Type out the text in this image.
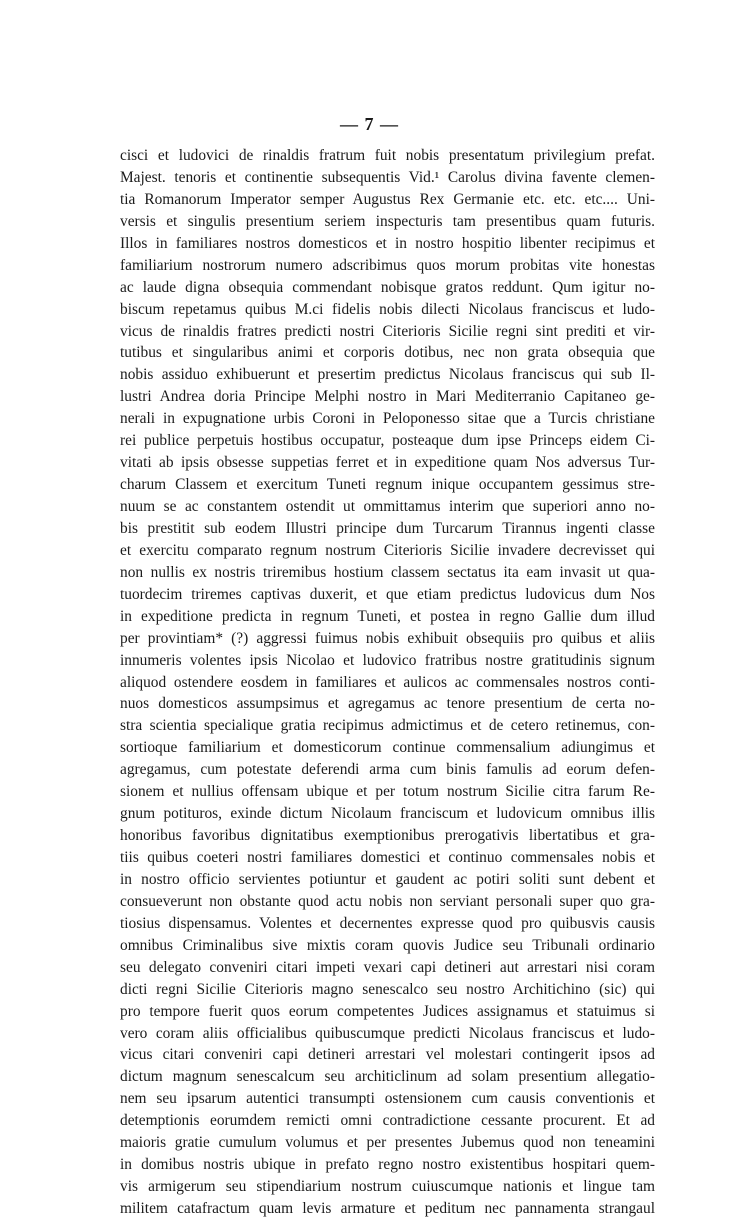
— 7 —
cisci et ludovici de rinaldis fratrum fuit nobis presentatum privilegium prefat.
Majest. tenoris et continentie subsequentis Vid.¹ Carolus divina favente clemen-
tia Romanorum Imperator semper Augustus Rex Germanie etc. etc. etc.... Uni-
versis et singulis presentium seriem inspecturis tam presentibus quam futuris.
Illos in familiares nostros domesticos et in nostro hospitio libenter recipimus et
familiarium nostrorum numero adscribimus quos morum probitas vite honestas
ac laude digna obsequia commendant nobisque gratos reddunt. Qum igitur no-
biscum repetamus quibus M.ci fidelis nobis dilecti Nicolaus franciscus et ludo-
vicus de rinaldis fratres predicti nostri Citerioris Sicilie regni sint prediti et vir-
tutibus et singularibus animi et corporis dotibus, nec non grata obsequia que
nobis assiduo exhibuerunt et presertim predictus Nicolaus franciscus qui sub Il-
lustri Andrea doria Principe Melphi nostro in Mari Mediterranio Capitaneo ge-
nerali in expugnatione urbis Coroni in Peloponesso sitae que a Turcis christiane
rei publice perpetuis hostibus occupatur, posteaque dum ipse Princeps eidem Ci-
vitati ab ipsis obsesse suppetias ferret et in expeditione quam Nos adversus Tur-
charum Classem et exercitum Tuneti regnum inique occupantem gessimus stre-
nuum se ac constantem ostendit ut ommittamus interim que superiori anno no-
bis prestitit sub eodem Illustri principe dum Turcarum Tirannus ingenti classe
et exercitu comparato regnum nostrum Citerioris Sicilie invadere decrevisset qui
non nullis ex nostris triremibus hostium classem sectatus ita eam invasit ut qua-
tuordecim triremes captivas duxerit, et que etiam predictus ludovicus dum Nos
in expeditione predicta in regnum Tuneti, et postea in regno Gallie dum illud
per provintiam* (?) aggressi fuimus nobis exhibuit obsequiis pro quibus et aliis
innumeris volentes ipsis Nicolao et ludovico fratribus nostre gratitudinis signum
aliquod ostendere eosdem in familiares et aulicos ac commensales nostros conti-
nuos domesticos assumpsimus et agregamus ac tenore presentium de certa no-
stra scientia specialique gratia recipimus admictimus et de cetero retinemus, con-
sortioque familiarium et domesticorum continue commensalium adiungimus et
agregamus, cum potestate deferendi arma cum binis famulis ad eorum defen-
sionem et nullius offensam ubique et per totum nostrum Sicilie citra farum Re-
gnum potituros, exinde dictum Nicolaum franciscum et ludovicum omnibus illis
honoribus favoribus dignitatibus exemptionibus prerogativis libertatibus et gra-
tiis quibus coeteri nostri familiares domestici et continuo commensales nobis et
in nostro officio servientes potiuntur et gaudent ac potiri soliti sunt debent et
consueverunt non obstante quod actu nobis non serviant personali super quo gra-
tiosius dispensamus. Volentes et decernentes expresse quod pro quibusvis causis
omnibus Criminalibus sive mixtis coram quovis Judice seu Tribunali ordinario
seu delegato conveniri citari impeti vexari capi detineri aut arrestari nisi coram
dicti regni Sicilie Citerioris magno senescalco seu nostro Architichino (sic) qui
pro tempore fuerit quos eorum competentes Judices assignamus et statuimus si
vero coram aliis officialibus quibuscumque predicti Nicolaus franciscus et ludo-
vicus citari conveniri capi detineri arrestari vel molestari contingerit ipsos ad
dictum magnum senescalcum seu architiclinum ad solam presentium allegatio-
nem seu ipsarum autentici transumpti ostensionem cum causis conventionis et
detemptionis eorumdem remicti omni contradictione cessante procurent. Et ad
maioris gratie cumulum volumus et per presentes Jubemus quod non teneamini
in domibus nostris ubique in prefato regno nostro existentibus hospitari quem-
vis armigerum seu stipendiarium nostrum cuiuscumque nationis et lingue tam
militem catafractum quam levis armature et peditum nec pannamenta strangaul
